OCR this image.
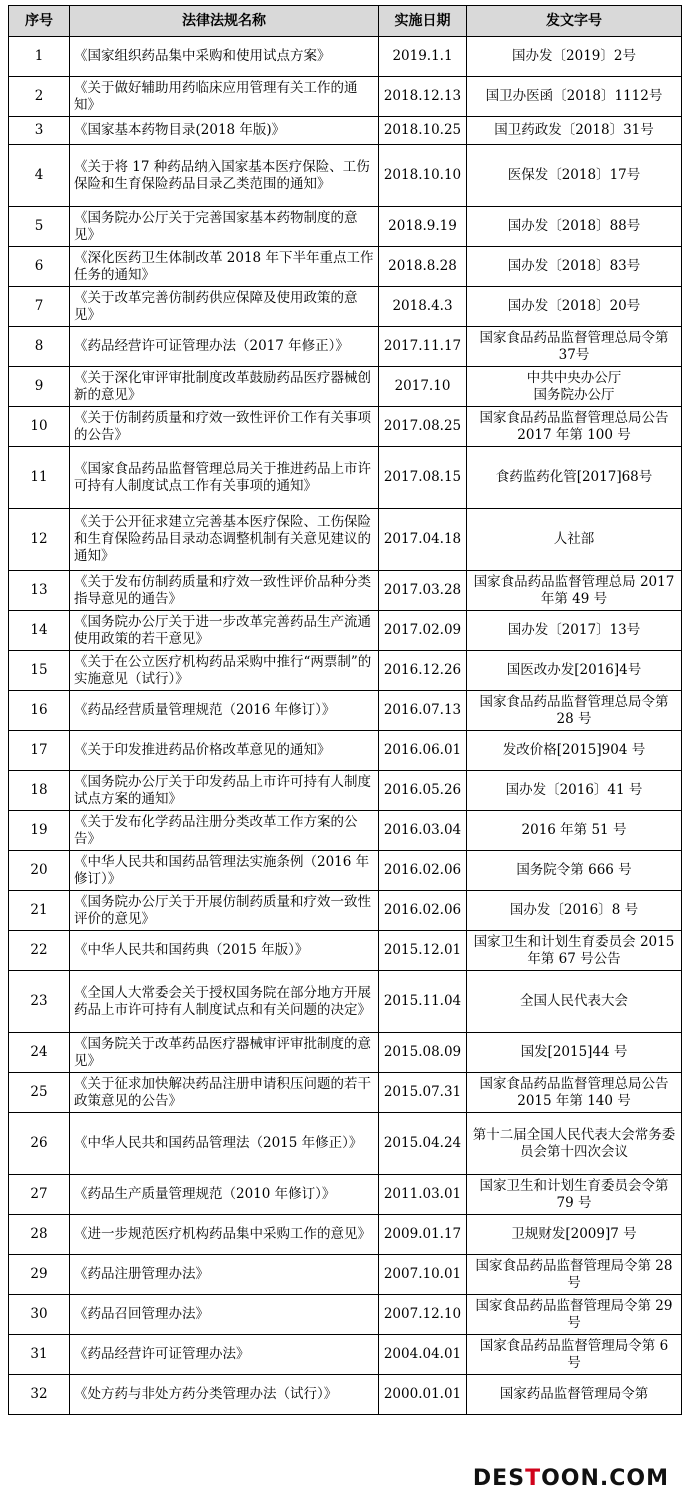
序号	法律法规名称	实施日期	发文字号
1	《国家组织药品集中采购和使用试点方案》	2019.1.1	国办发〔2019〕2号
2	《关于做好辅助用药临床应用管理有关工作的通知》	2018.12.13	国卫办医函〔2018〕1112号
3	《国家基本药物目录(2018 年版)》	2018.10.25	国卫药政发〔2018〕31号
4	《关于将 17 种药品纳入国家基本医疗保险、工伤保险和生育保险药品目录乙类范围的通知》	2018.10.10	医保发〔2018〕17号
5	《国务院办公厅关于完善国家基本药物制度的意见》	2018.9.19	国办发〔2018〕88号
6	《深化医药卫生体制改革 2018 年下半年重点工作任务的通知》	2018.8.28	国办发〔2018〕83号
7	《关于改革完善仿制药供应保障及使用政策的意见》	2018.4.3	国办发〔2018〕20号
8	《药品经营许可证管理办法（2017 年修正）》	2017.11.17	国家食品药品监督管理总局令第37号
9	《关于深化审评审批制度改革鼓励药品医疗器械创新的意见》	2017.10	中共中央办公厅
国务院办公厅
10	《关于仿制药质量和疗效一致性评价工作有关事项的公告》	2017.08.25	国家食品药品监督管理总局公告 2017 年第 100 号
11	《国家食品药品监督管理总局关于推进药品上市许可持有人制度试点工作有关事项的通知》	2017.08.15	食药监药化管[2017]68号
12	《关于公开征求建立完善基本医疗保险、工伤保险和生育保险药品目录动态调整机制有关意见建议的通知》	2017.04.18	人社部
13	《关于发布仿制药质量和疗效一致性评价品种分类指导意见的通告》	2017.03.28	国家食品药品监督管理总局 2017 年第 49 号
14	《国务院办公厅关于进一步改革完善药品生产流通使用政策的若干意见》	2017.02.09	国办发〔2017〕13号
15	《关于在公立医疗机构药品采购中推行“两票制”的实施意见（试行）》	2016.12.26	国医改办发[2016]4号
16	《药品经营质量管理规范（2016 年修订）》	2016.07.13	国家食品药品监督管理总局令第 28 号
17	《关于印发推进药品价格改革意见的通知》	2016.06.01	发改价格[2015]904 号
18	《国务院办公厅关于印发药品上市许可持有人制度试点方案的通知》	2016.05.26	国办发〔2016〕41 号
19	《关于发布化学药品注册分类改革工作方案的公告》	2016.03.04	2016 年第 51 号
20	《中华人民共和国药品管理法实施条例（2016 年修订）》	2016.02.06	国务院令第 666 号
21	《国务院办公厅关于开展仿制药质量和疗效一致性评价的意见》	2016.02.06	国办发〔2016〕8 号
22	《中华人民共和国药典（2015 年版）》	2015.12.01	国家卫生和计划生育委员会 2015 年第 67 号公告
23	《全国人大常委会关于授权国务院在部分地方开展药品上市许可持有人制度试点和有关问题的决定》	2015.11.04	全国人民代表大会
24	《国务院关于改革药品医疗器械审评审批制度的意见》	2015.08.09	国发[2015]44 号
25	《关于征求加快解决药品注册申请积压问题的若干政策意见的公告》	2015.07.31	国家食品药品监督管理总局公告 2015 年第 140 号
26	《中华人民共和国药品管理法（2015 年修正）》	2015.04.24	第十二届全国人民代表大会常务委员会第十四次会议
27	《药品生产质量管理规范（2010 年修订）》	2011.03.01	国家卫生和计划生育委员会令第 79 号
28	《进一步规范医疗机构药品集中采购工作的意见》	2009.01.17	卫规财发[2009]7 号
29	《药品注册管理办法》	2007.10.01	国家食品药品监督管理局令第 28 号
30	《药品召回管理办法》	2007.12.10	国家食品药品监督管理局令第 29 号
31	《药品经营许可证管理办法》	2004.04.01	国家食品药品监督管理局令第 6 号
32	《处方药与非处方药分类管理办法（试行）》	2000.01.01	国家药品监督管理局令第
DES T OON.COM
